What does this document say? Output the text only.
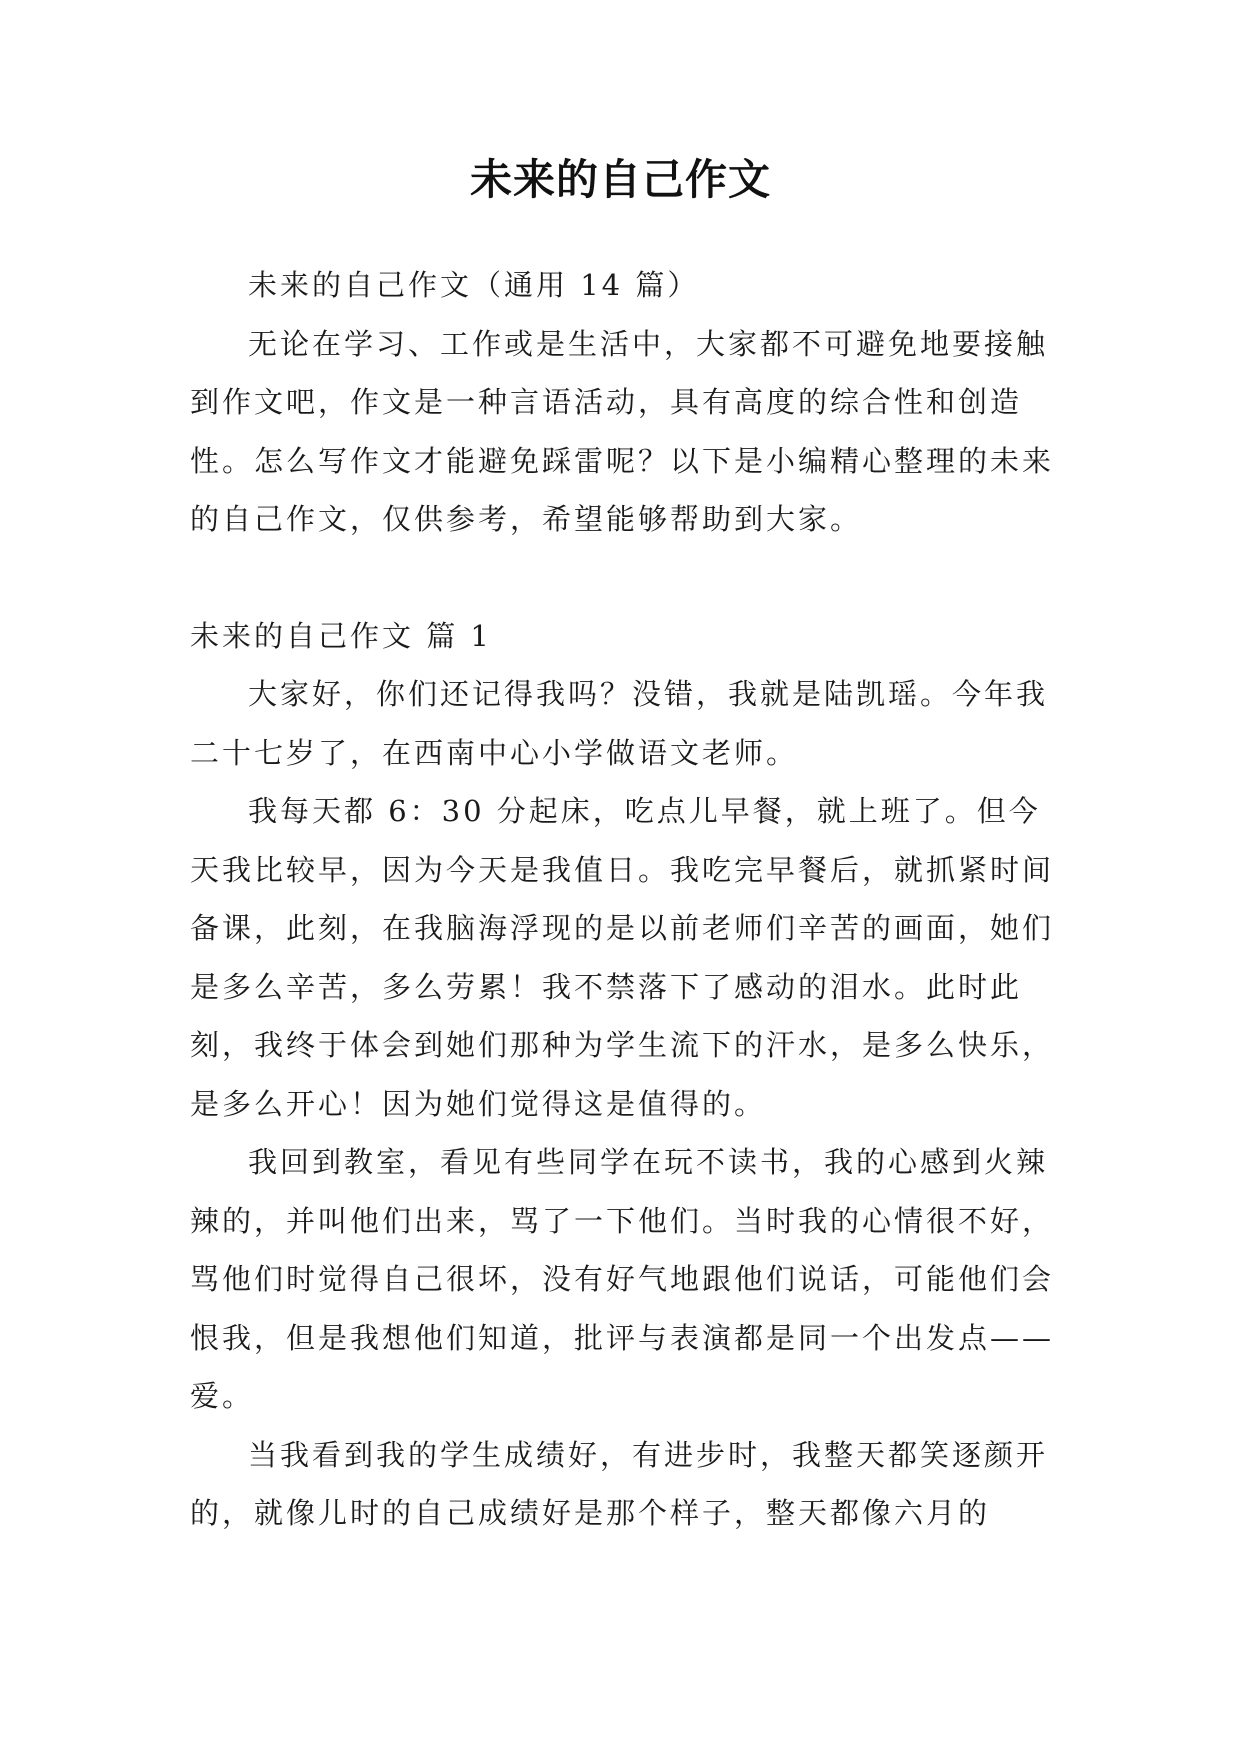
未来的自己作文

未来的自己作文（通用 14 篇）

无论在学习、工作或是生活中，大家都不可避免地要接触到作文吧，作文是一种言语活动，具有高度的综合性和创造性。怎么写作文才能避免踩雷呢？以下是小编精心整理的未来的自己作文，仅供参考，希望能够帮助到大家。

未来的自己作文 篇 1

大家好，你们还记得我吗？没错，我就是陆凯瑶。今年我二十七岁了，在西南中心小学做语文老师。

我每天都 6：30 分起床，吃点儿早餐，就上班了。但今天我比较早，因为今天是我值日。我吃完早餐后，就抓紧时间备课，此刻，在我脑海浮现的是以前老师们辛苦的画面，她们是多么辛苦，多么劳累！我不禁落下了感动的泪水。此时此刻，我终于体会到她们那种为学生流下的汗水，是多么快乐，是多么开心！因为她们觉得这是值得的。

我回到教室，看见有些同学在玩不读书，我的心感到火辣辣的，并叫他们出来，骂了一下他们。当时我的心情很不好，骂他们时觉得自己很坏，没有好气地跟他们说话，可能他们会恨我，但是我想他们知道，批评与表演都是同一个出发点——爱。

当我看到我的学生成绩好，有进步时，我整天都笑逐颜开的，就像儿时的自己成绩好是那个样子，整天都像六月的
